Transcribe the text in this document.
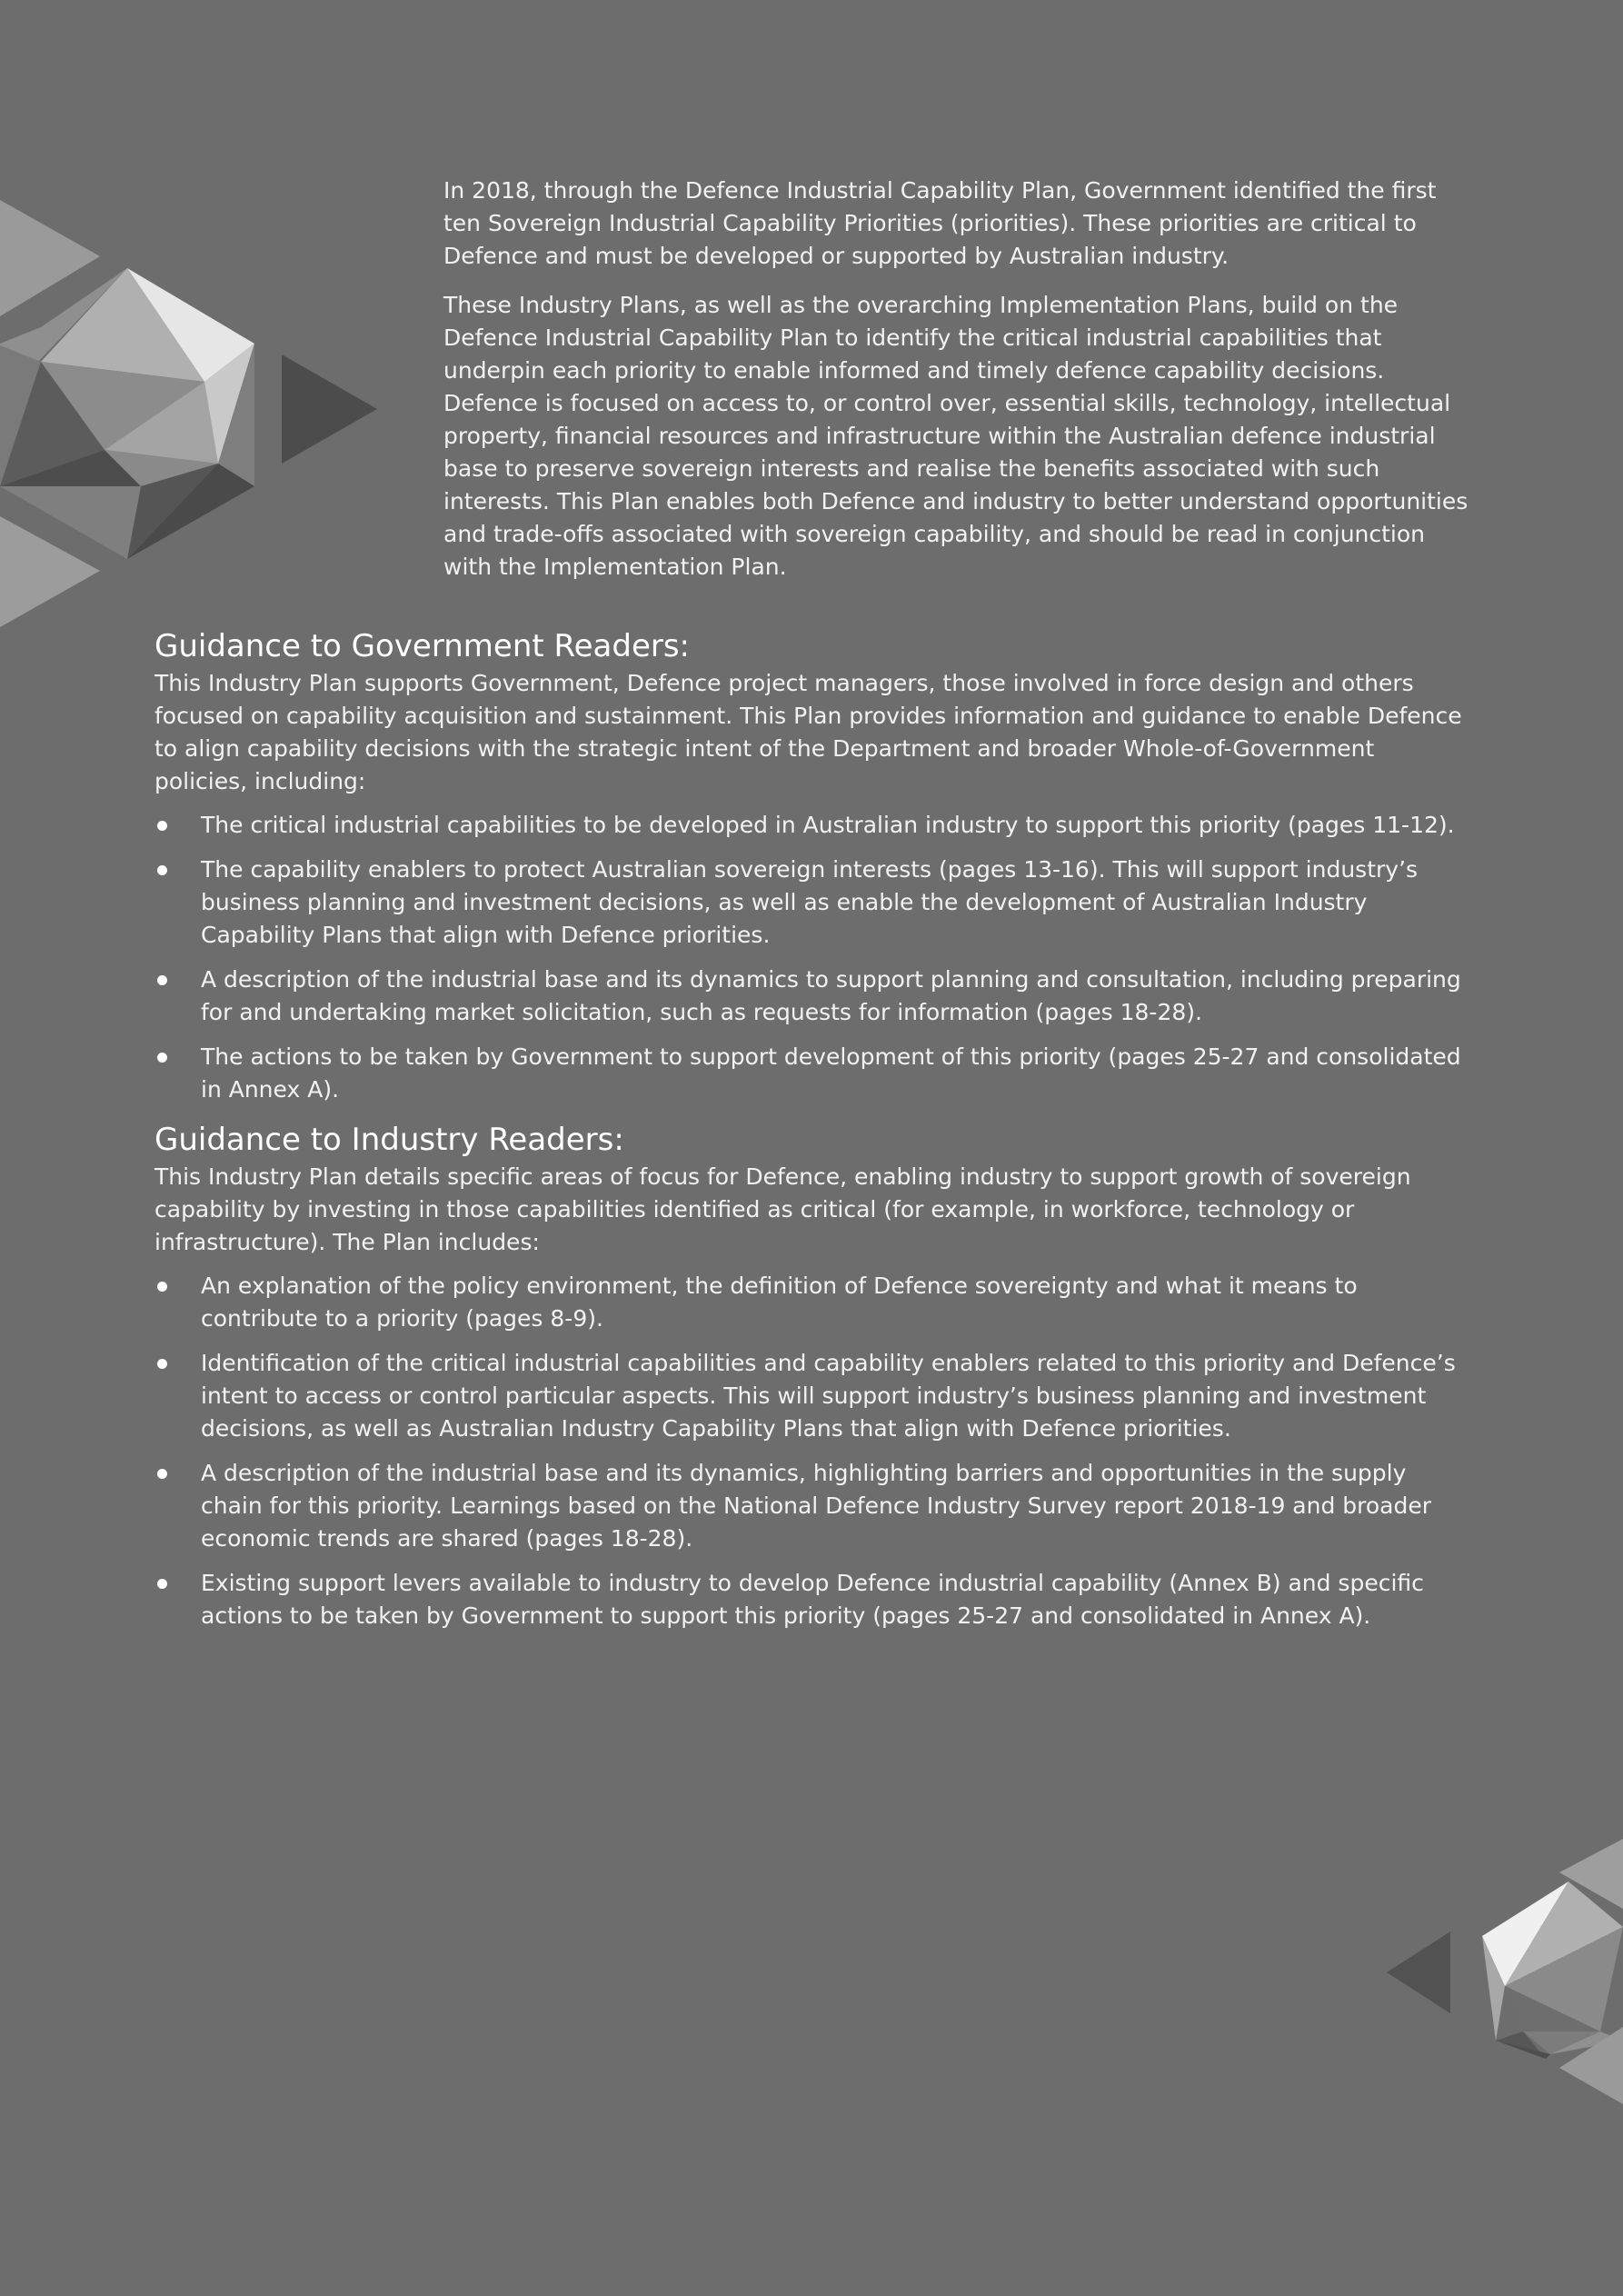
In 2018, through the Defence Industrial Capability Plan, Government identified the first ten Sovereign Industrial Capability Priorities (priorities). These priorities are critical to Defence and must be developed or supported by Australian industry.

These Industry Plans, as well as the overarching Implementation Plans, build on the Defence Industrial Capability Plan to identify the critical industrial capabilities that underpin each priority to enable informed and timely defence capability decisions. Defence is focused on access to, or control over, essential skills, technology, intellectual property, financial resources and infrastructure within the Australian defence industrial base to preserve sovereign interests and realise the benefits associated with such interests. This Plan enables both Defence and industry to better understand opportunities and trade-offs associated with sovereign capability, and should be read in conjunction with the Implementation Plan.

Guidance to Government Readers:

This Industry Plan supports Government, Defence project managers, those involved in force design and others focused on capability acquisition and sustainment. This Plan provides information and guidance to enable Defence to align capability decisions with the strategic intent of the Department and broader Whole-of-Government policies, including:

The critical industrial capabilities to be developed in Australian industry to support this priority (pages 11-12).
The capability enablers to protect Australian sovereign interests (pages 13-16). This will support industry’s business planning and investment decisions, as well as enable the development of Australian Industry Capability Plans that align with Defence priorities.
A description of the industrial base and its dynamics to support planning and consultation, including preparing for and undertaking market solicitation, such as requests for information (pages 18-28).
The actions to be taken by Government to support development of this priority (pages 25-27 and consolidated in Annex A).
Guidance to Industry Readers:

This Industry Plan details specific areas of focus for Defence, enabling industry to support growth of sovereign capability by investing in those capabilities identified as critical (for example, in workforce, technology or infrastructure). The Plan includes:

An explanation of the policy environment, the definition of Defence sovereignty and what it means to contribute to a priority (pages 8-9).
Identification of the critical industrial capabilities and capability enablers related to this priority and Defence’s intent to access or control particular aspects. This will support industry’s business planning and investment decisions, as well as Australian Industry Capability Plans that align with Defence priorities.
A description of the industrial base and its dynamics, highlighting barriers and opportunities in the supply chain for this priority. Learnings based on the National Defence Industry Survey report 2018-19 and broader economic trends are shared (pages 18-28).
Existing support levers available to industry to develop Defence industrial capability (Annex B) and specific actions to be taken by Government to support this priority (pages 25-27 and consolidated in Annex A).
